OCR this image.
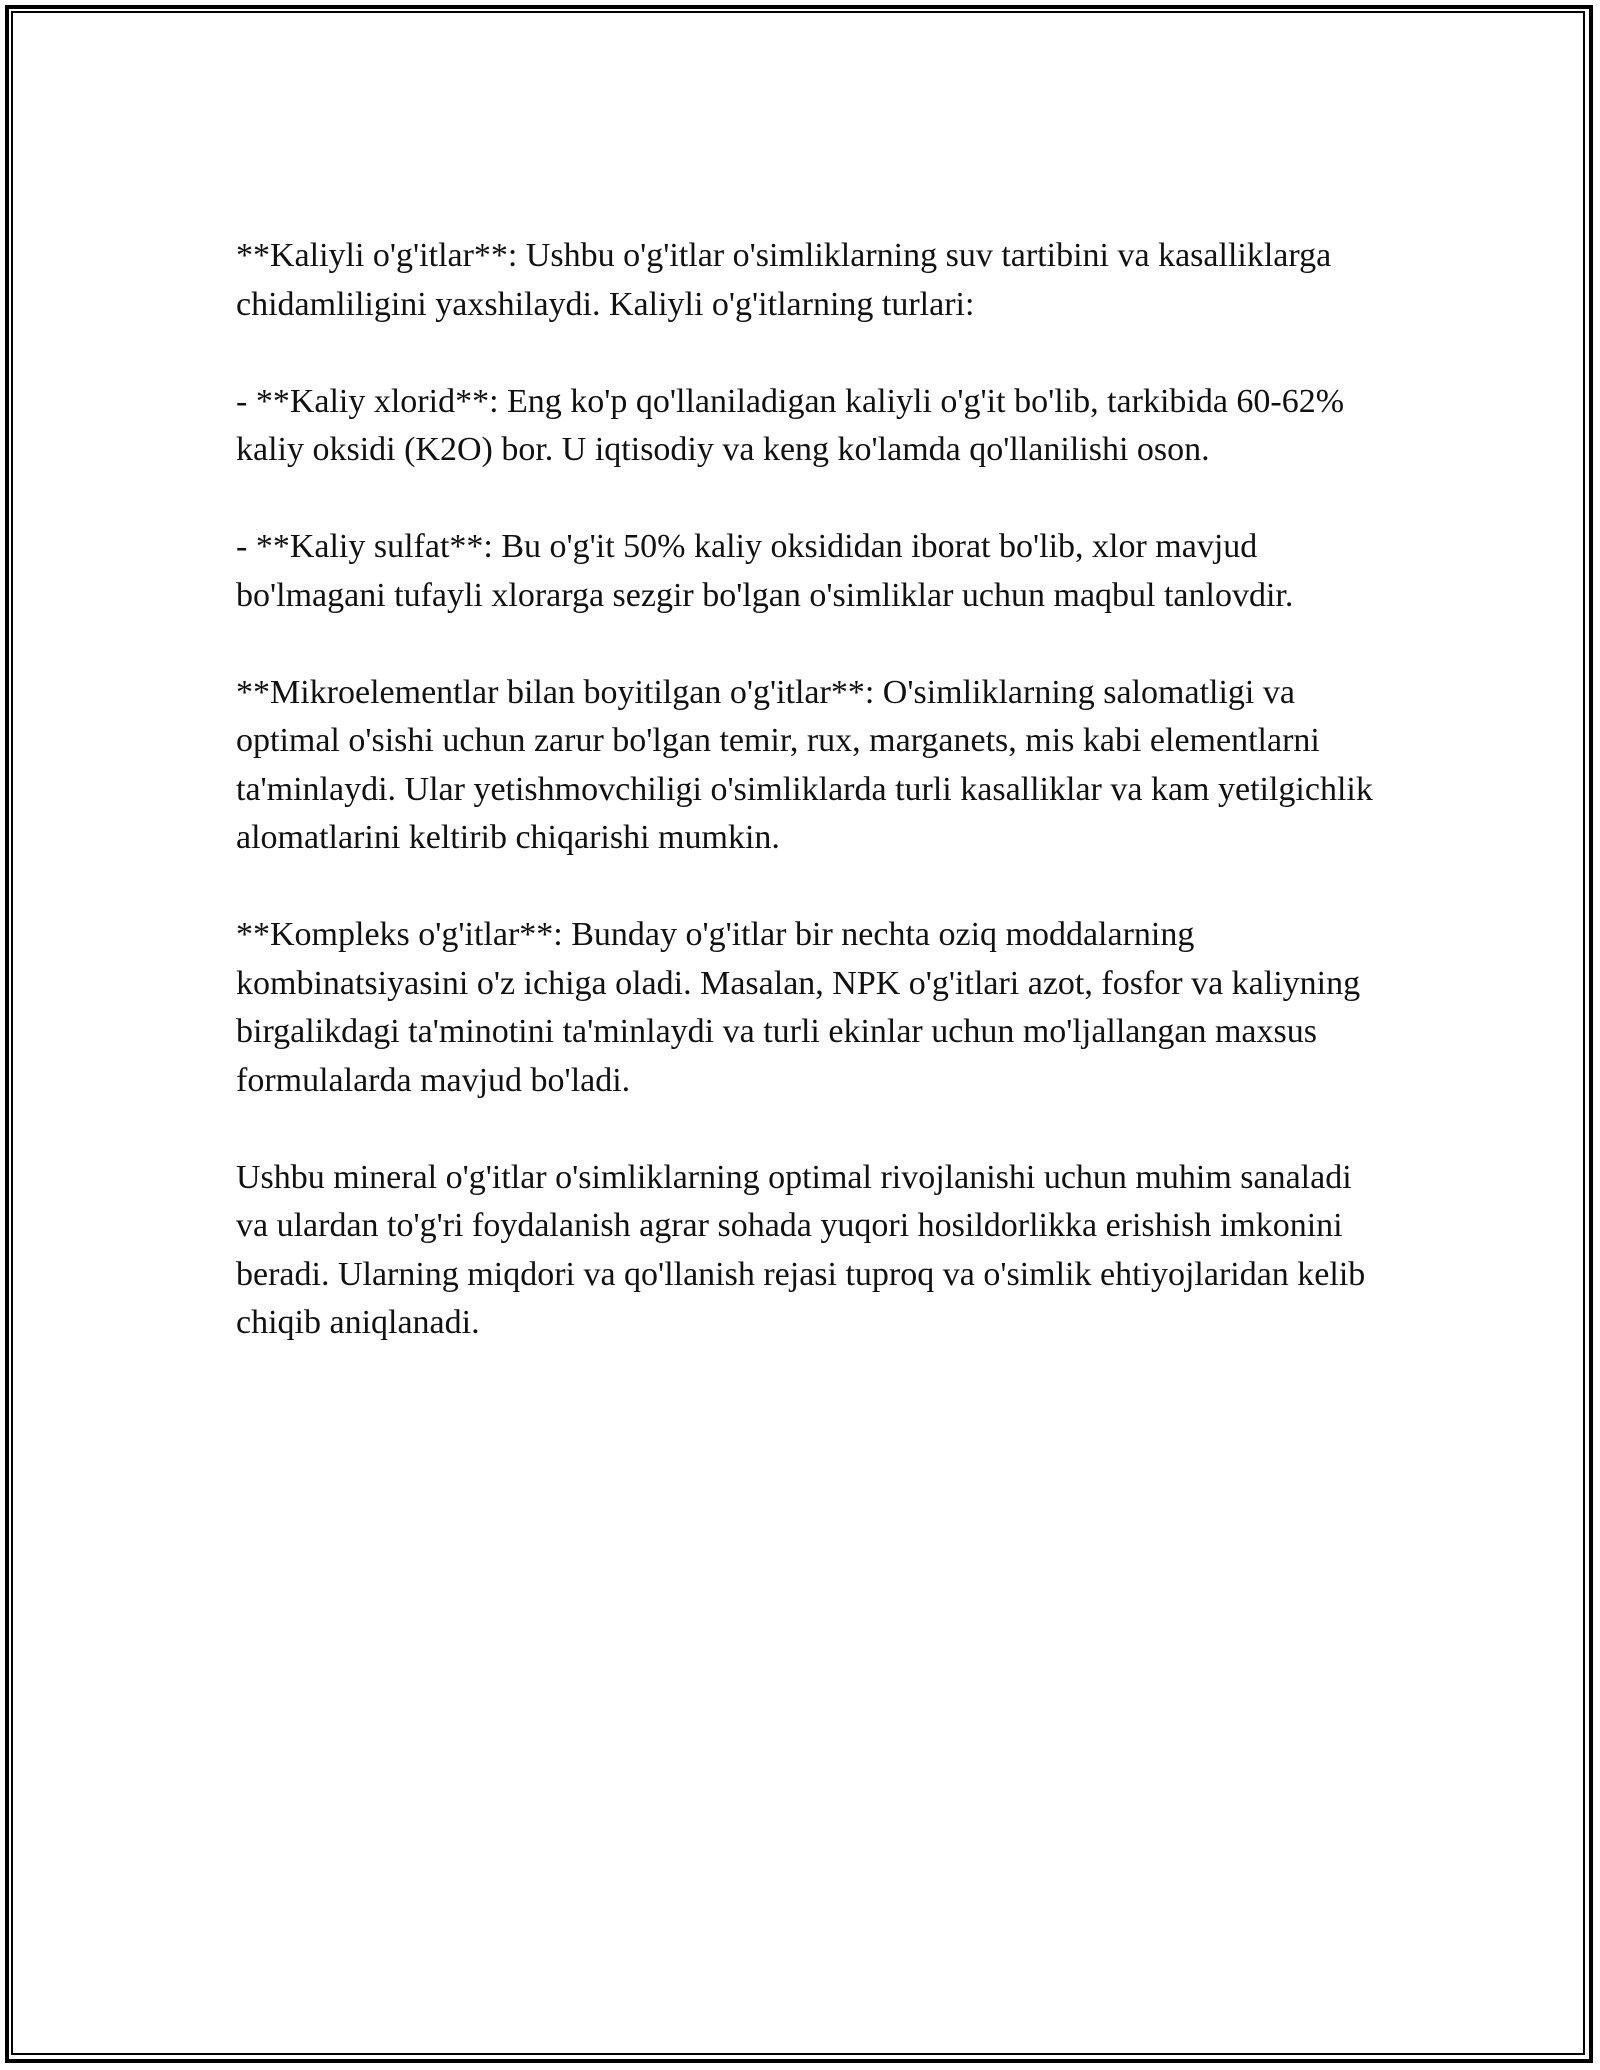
**Kaliyli o'g'itlar**: Ushbu o'g'itlar o'simliklarning suv tartibini va kasalliklarga chidamliligini yaxshilaydi. Kaliyli o'g'itlarning turlari:

- **Kaliy xlorid**: Eng ko'p qo'llaniladigan kaliyli o'g'it bo'lib, tarkibida 60-62% kaliy oksidi (K2O) bor. U iqtisodiy va keng ko'lamda qo'llanilishi oson.

- **Kaliy sulfat**: Bu o'g'it 50% kaliy oksididan iborat bo'lib, xlor mavjud bo'lmagani tufayli xlorarga sezgir bo'lgan o'simliklar uchun maqbul tanlovdir.

**Mikroelementlar bilan boyitilgan o'g'itlar**: O'simliklarning salomatligi va optimal o'sishi uchun zarur bo'lgan temir, rux, marganets, mis kabi elementlarni ta'minlaydi. Ular yetishmovchiligi o'simliklarda turli kasalliklar va kam yetilgichlik alomatlarini keltirib chiqarishi mumkin.

**Kompleks o'g'itlar**: Bunday o'g'itlar bir nechta oziq moddalarning kombinatsiyasini o'z ichiga oladi. Masalan, NPK o'g'itlari azot, fosfor va kaliyning birgalikdagi ta'minotini ta'minlaydi va turli ekinlar uchun mo'ljallangan maxsus formulalarda mavjud bo'ladi.

Ushbu mineral o'g'itlar o'simliklarning optimal rivojlanishi uchun muhim sanaladi va ulardan to'g'ri foydalanish agrar sohada yuqori hosildorlikka erishish imkonini beradi. Ularning miqdori va qo'llanish rejasi tuproq va o'simlik ehtiyojlaridan kelib chiqib aniqlanadi.
